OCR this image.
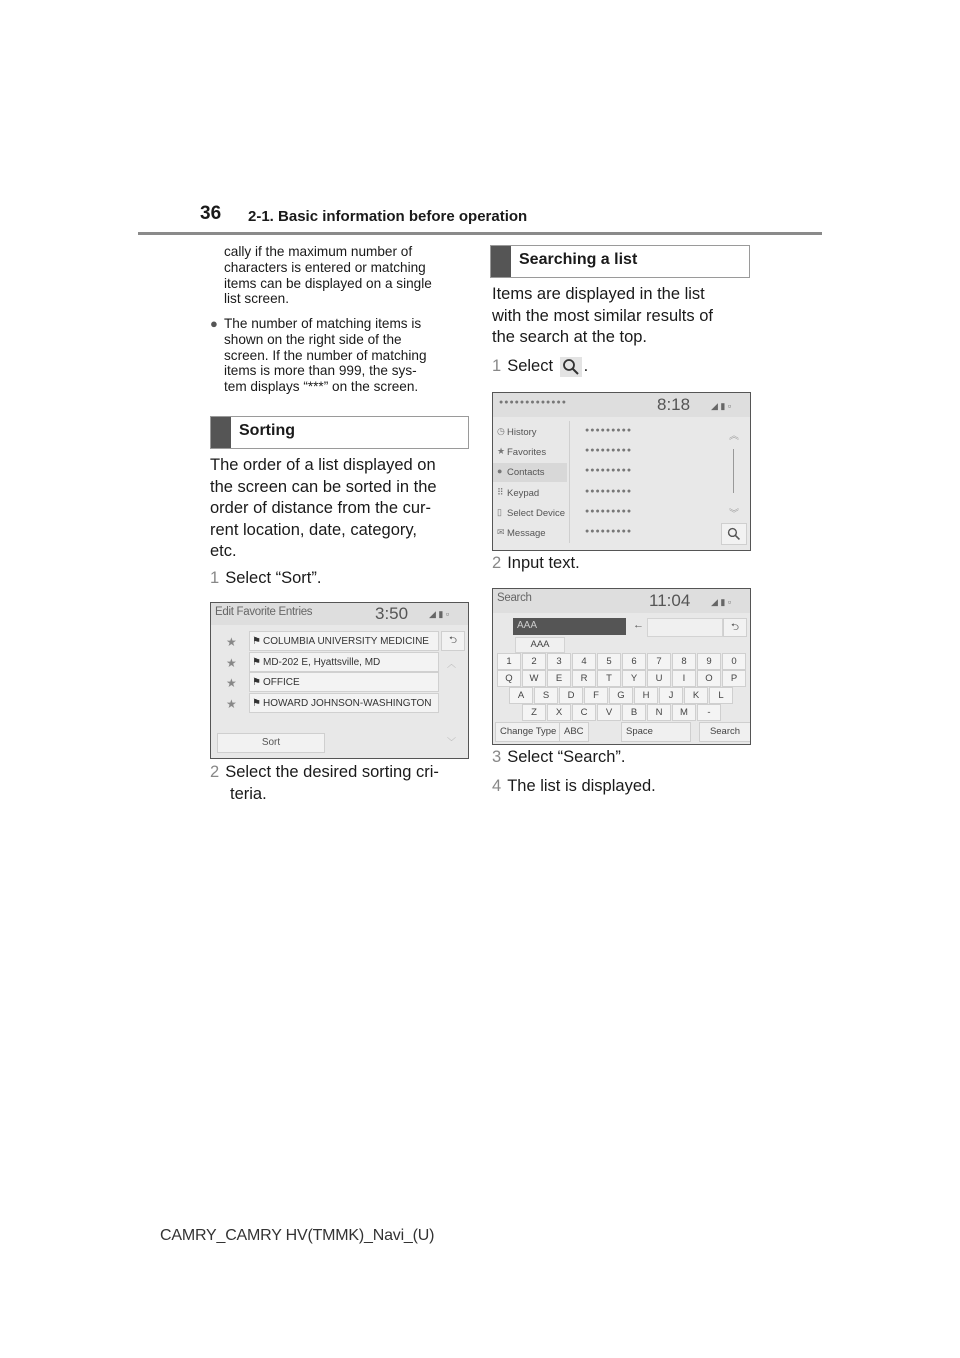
36 2-1. Basic information before operation
cally if the maximum number of
characters is entered or matching
items can be displayed on a single
list screen.
● The number of matching items is
shown on the right side of the
screen. If the number of matching
items is more than 999, the sys-
tem displays “***” on the screen.
Sorting
The order of a list displayed on
the screen can be sorted in the
order of distance from the cur-
rent location, date, category,
etc.
1 Select “Sort”.
Edit Favorite Entries	3:50 ◢ ▮ ▫
⮌
︿
﹀
★ ⚑ COLUMBIA UNIVERSITY MEDICINE
★ ⚑ MD-202 E, Hyattsville, MD
★ ⚑ OFFICE
★ ⚑ HOWARD JOHNSON-WASHINGTON
Sort
2 Select the desired sorting cri-
teria.
Searching a list
Items are displayed in the list
with the most similar results of
the search at the top.
1 Select .
●●●●●●●●●●●●●	8:18 ◢ ▮ ▫
◷ History
★ Favorites
● Contacts
⠿ Keypad
▯ Select Device
✉ Message
●●●●●●●●●
●●●●●●●●●
●●●●●●●●●
●●●●●●●●●
●●●●●●●●●
●●●●●●●●●
︽
︾
2 Input text.
Search	11:04 ◢ ▮ ▫
AAA	←	⮌
AAA
1	2	3	4	5	6	7	8	9	0
Q	W	E	R	T	Y	U	I	O	P
A	S	D	F	G	H	J	K	L
Z	X	C	V	B	N	M	-
Change Type ABC	Space	Search
3 Select “Search”.
4 The list is displayed.
CAMRY_CAMRY HV(TMMK)_Navi_(U)
